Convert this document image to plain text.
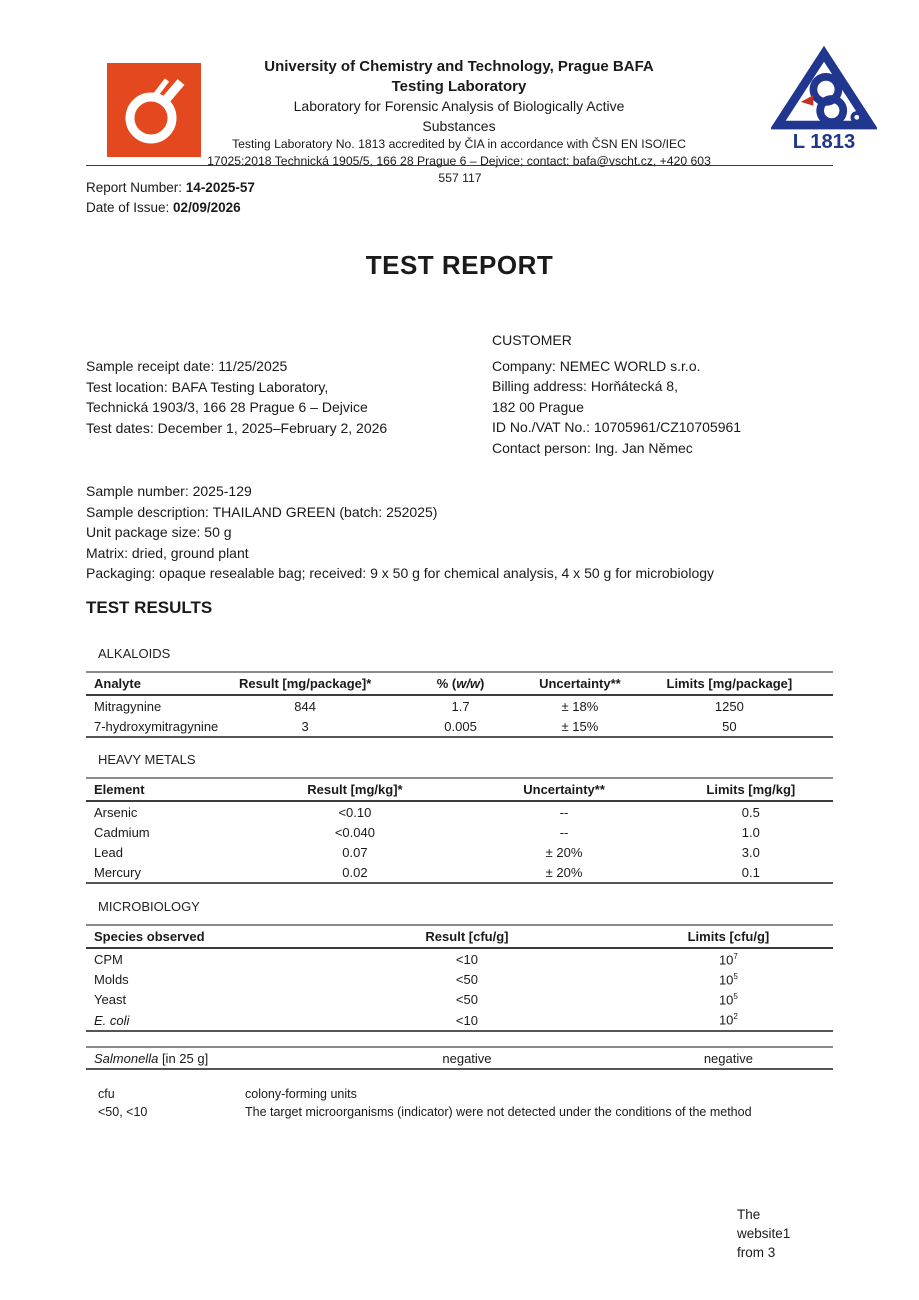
University of Chemistry and Technology, Prague BAFA
Testing Laboratory
Laboratory for Forensic Analysis of Biologically Active
Substances
Testing Laboratory No. 1813 accredited by ČIA in accordance with ČSN EN ISO/IEC
17025:2018 Technická 1905/5, 166 28 Prague 6 – Dejvice; contact: bafa@vscht.cz, +420 603
L 1813
557 117
Report Number: 14-2025-57
Date of Issue: 02/09/2026
TEST REPORT
Sample receipt date: 11/25/2025
Test location: BAFA Testing Laboratory,
Technická 1903/3, 166 28 Prague 6 – Dejvice
Test dates: December 1, 2025–February 2, 2026
CUSTOMER
Company: NEMEC WORLD s.r.o.
Billing address: Horňátecká 8,
182 00 Prague
ID No./VAT No.: 10705961/CZ10705961
Contact person: Ing. Jan Němec
Sample number: 2025-129
Sample description: THAILAND GREEN (batch: 252025)
Unit package size: 50 g
Matrix: dried, ground plant
Packaging: opaque resealable bag; received: 9 x 50 g for chemical analysis, 4 x 50 g for microbiology
TEST RESULTS
ALKALOIDS
Analyte	Result [mg/package]*	% (w/w)	Uncertainty**	Limits [mg/package]
Mitragynine	844	1.7	± 18%	1250
7-hydroxymitragynine	3	0.005	± 15%	50
HEAVY METALS
Element	Result [mg/kg]*	Uncertainty**	Limits [mg/kg]
Arsenic	<0.10	--	0.5
Cadmium	<0.040	--	1.0
Lead	0.07	± 20%	3.0
Mercury	0.02	± 20%	0.1
MICROBIOLOGY
Species observed	Result [cfu/g]	Limits [cfu/g]
CPM	<10	$10^7$
Molds	<50	$10^5$
Yeast	<50	$10^5$
E. coli	<10	$10^2$
Salmonella [in 25 g]	negative	negative
cfu	colony-forming units
<50, <10	The target microorganisms (indicator) were not detected under the conditions of the method
The
website1
from 3
